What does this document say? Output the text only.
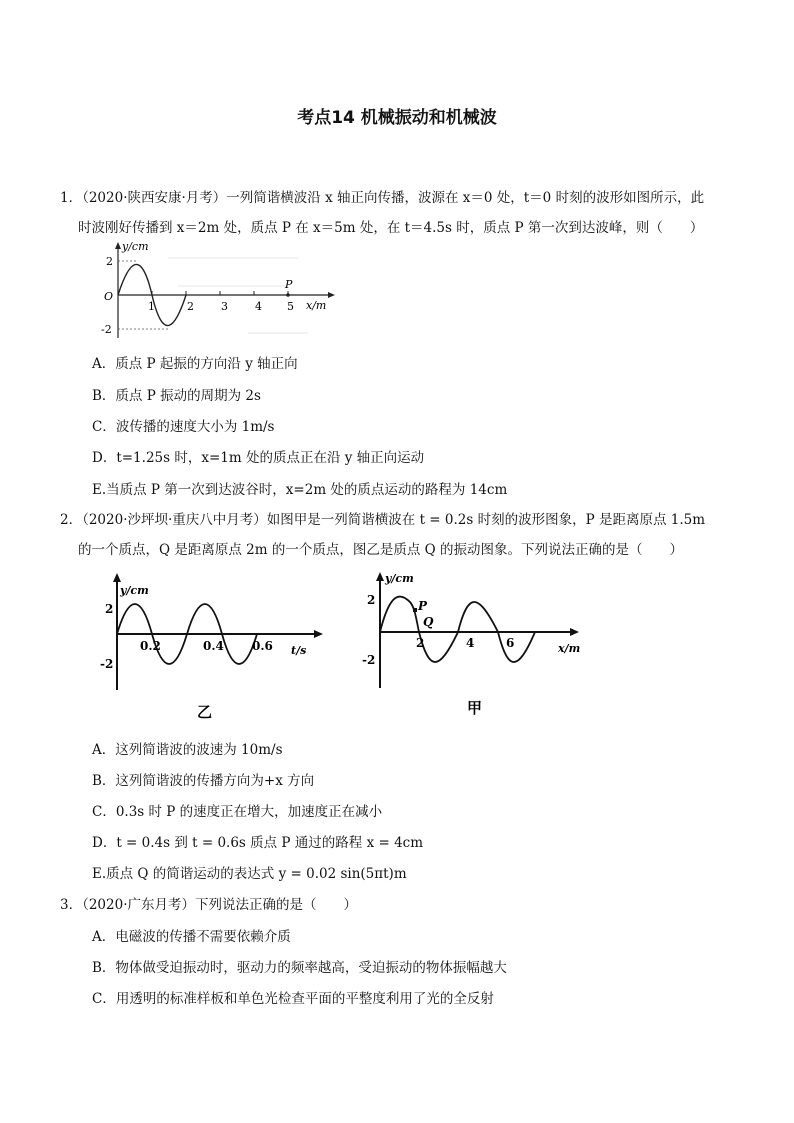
考点14 机械振动和机械波
1．（2020·陕西安康·月考）一列简谐横波沿 x 轴正向传播，波源在 x＝0 处，t＝0 时刻的波形如图所示，此
时波刚好传播到 x＝2m 处，质点 P 在 x＝5m 处，在 t＝4.5s 时，质点 P 第一次到达波峰，则（　　）
y/cm
x/m
O
P
2
-2
1	2 3 4 5
A．质点 P 起振的方向沿 y 轴正向
B．质点 P 振动的周期为 2s
C．波传播的速度大小为 1m/s
D．t=1.25s 时，x=1m 处的质点正在沿 y 轴正向运动
E.当质点 P 第一次到达波谷时，x=2m 处的质点运动的路程为 14cm
2．（2020·沙坪坝·重庆八中月考）如图甲是一列简谐横波在 t = 0.2s 时刻的波形图象，P 是距离原点 1.5m
的一个质点，Q 是距离原点 2m 的一个质点，图乙是质点 Q 的振动图象。下列说法正确的是（　　）
y/cm
t/s
2
-2
0.2	0.4 0.6
乙
y/cm
x/m
2
-2
2	4	6
P
Q
甲
A．这列简谐波的波速为 10m/s
B．这列简谐波的传播方向为+x 方向
C．0.3s 时 P 的速度正在增大，加速度正在减小
D．t = 0.4s 到 t = 0.6s 质点 P 通过的路程 x = 4cm
E.质点 Q 的简谐运动的表达式 y = 0.02 sin(5πt)m
3．（2020·广东月考）下列说法正确的是（　　）
A．电磁波的传播不需要依赖介质
B．物体做受迫振动时，驱动力的频率越高，受迫振动的物体振幅越大
C．用透明的标准样板和单色光检查平面的平整度利用了光的全反射
